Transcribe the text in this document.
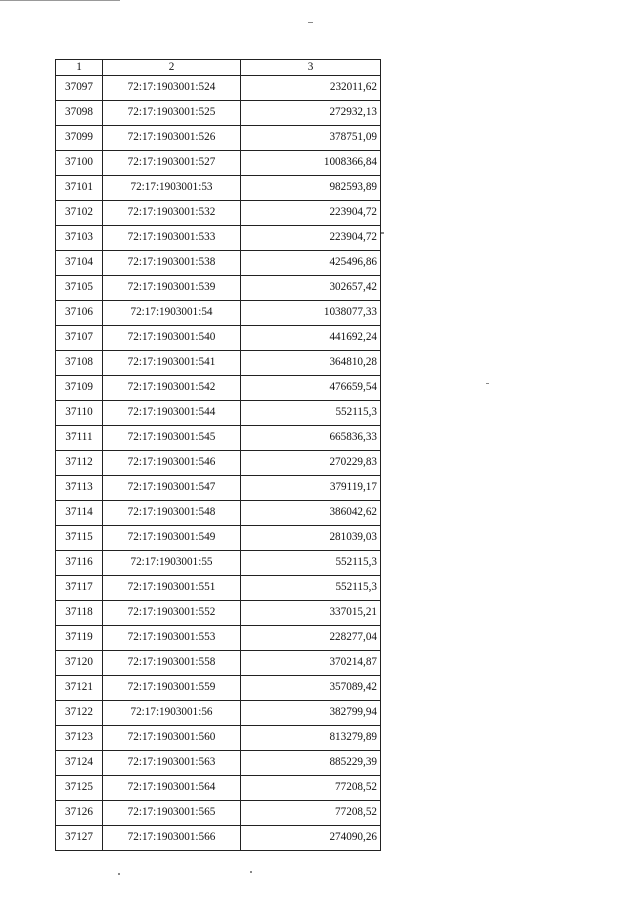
1	2	3
37097	72:17:1903001:524	232011,62
37098	72:17:1903001:525	272932,13
37099	72:17:1903001:526	378751,09
37100	72:17:1903001:527	1008366,84
37101	72:17:1903001:53	982593,89
37102	72:17:1903001:532	223904,72
37103	72:17:1903001:533	223904,72
37104	72:17:1903001:538	425496,86
37105	72:17:1903001:539	302657,42
37106	72:17:1903001:54	1038077,33
37107	72:17:1903001:540	441692,24
37108	72:17:1903001:541	364810,28
37109	72:17:1903001:542	476659,54
37110	72:17:1903001:544	552115,3
37111	72:17:1903001:545	665836,33
37112	72:17:1903001:546	270229,83
37113	72:17:1903001:547	379119,17
37114	72:17:1903001:548	386042,62
37115	72:17:1903001:549	281039,03
37116	72:17:1903001:55	552115,3
37117	72:17:1903001:551	552115,3
37118	72:17:1903001:552	337015,21
37119	72:17:1903001:553	228277,04
37120	72:17:1903001:558	370214,87
37121	72:17:1903001:559	357089,42
37122	72:17:1903001:56	382799,94
37123	72:17:1903001:560	813279,89
37124	72:17:1903001:563	885229,39
37125	72:17:1903001:564	77208,52
37126	72:17:1903001:565	77208,52
37127	72:17:1903001:566	274090,26
